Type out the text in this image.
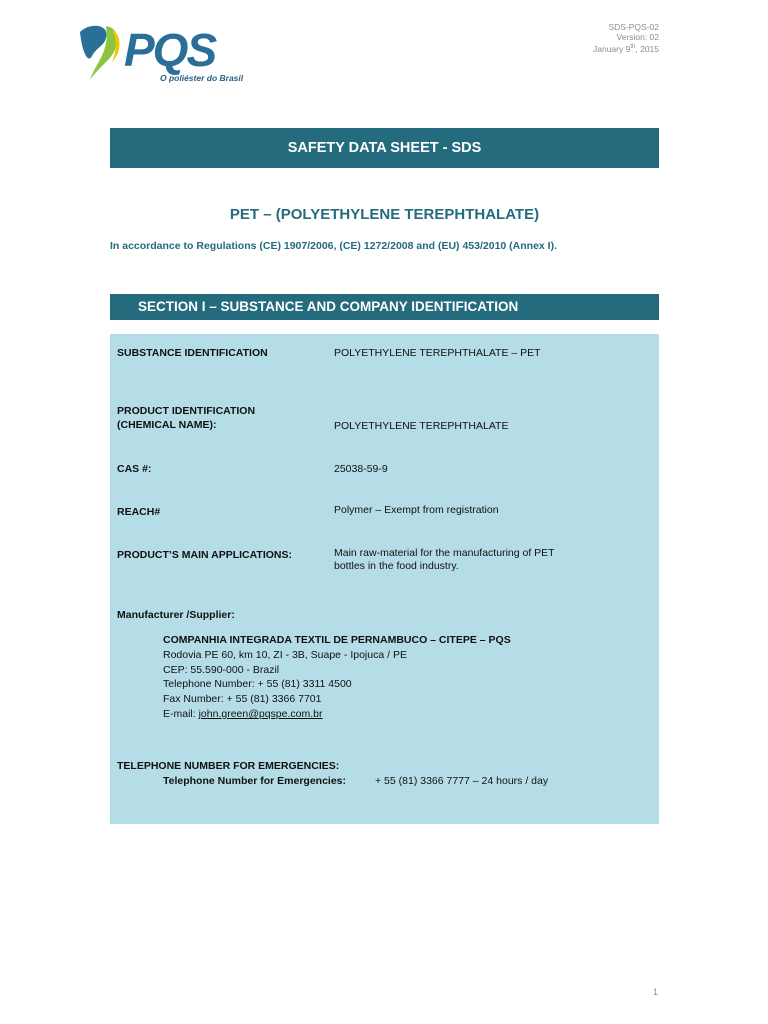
PQS
O poliéster do Brasil
SDS-PQS-02
Version: 02
January 9th, 2015
SAFETY DATA SHEET - SDS
PET – (POLYETHYLENE TEREPHTHALATE)
In accordance to Regulations (CE) 1907/2006, (CE) 1272/2008 and (EU) 453/2010 (Annex I).
SECTION I – SUBSTANCE AND COMPANY IDENTIFICATION
SUBSTANCE IDENTIFICATION	POLYETHYLENE TEREPHTHALATE – PET
PRODUCT IDENTIFICATION
(CHEMICAL NAME):	POLYETHYLENE TEREPHTHALATE
CAS #:	25038-59-9
REACH#	Polymer – Exempt from registration
PRODUCT’S MAIN APPLICATIONS:	Main raw-material for the manufacturing of PET
bottles in the food industry.
Manufacturer /Supplier:
COMPANHIA INTEGRADA TEXTIL DE PERNAMBUCO – CITEPE – PQS
Rodovia PE 60, km 10, ZI - 3B, Suape - Ipojuca / PE
CEP: 55.590-000 - Brazil
Telephone Number: + 55 (81) 3311 4500
Fax Number: + 55 (81) 3366 7701
E-mail: john.green@pqspe.com.br
TELEPHONE NUMBER FOR EMERGENCIES:
Telephone Number for Emergencies:	+ 55 (81) 3366 7777 – 24 hours / day
1
